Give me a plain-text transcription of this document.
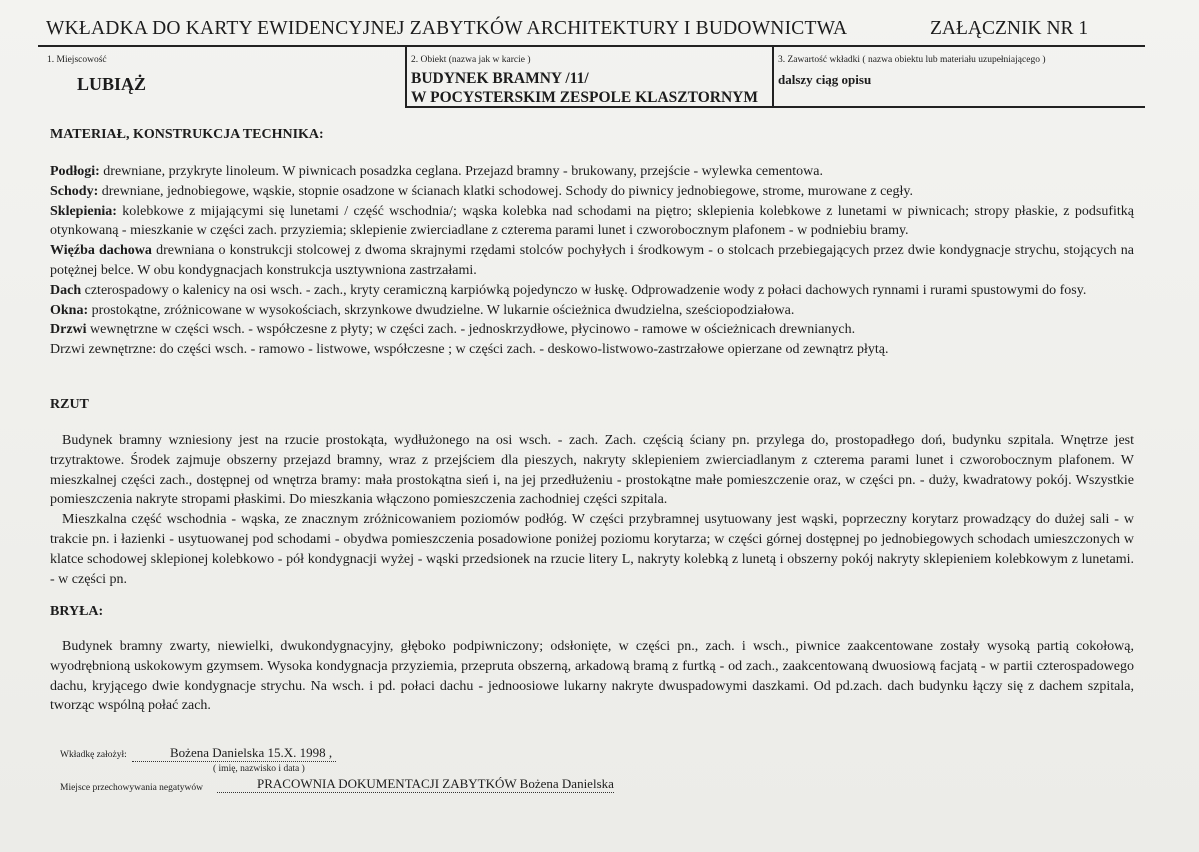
WKŁADKA DO KARTY EWIDENCYJNEJ ZABYTKÓW ARCHITEKTURY I BUDOWNICTWA	ZAŁĄCZNIK NR 1
1. Miejscowość
LUBIĄŻ
2. Obiekt (nazwa jak w karcie )
BUDYNEK BRAMNY /11/
W POCYSTERSKIM ZESPOLE KLASZTORNYM
3. Zawartość wkładki ( nazwa obiektu lub materiału uzupełniającego )
dalszy ciąg opisu
MATERIAŁ, KONSTRUKCJA TECHNIKA:

Podłogi: drewniane, przykryte linoleum. W piwnicach posadzka ceglana. Przejazd bramny - brukowany, przejście - wylewka cementowa.

Schody: drewniane, jednobiegowe, wąskie, stopnie osadzone w ścianach klatki schodowej. Schody do piwnicy jednobiegowe, strome, murowane z cegły.

Sklepienia: kolebkowe z mijającymi się lunetami / część wschodnia/; wąska kolebka nad schodami na piętro; sklepienia kolebkowe z lunetami w piwnicach; stropy płaskie, z podsufitką otynkowaną - mieszkanie w części zach. przyziemia; sklepienie zwierciadlane z czterema parami lunet i czworobocznym plafonem - w podniebiu bramy.

Więźba dachowa drewniana o konstrukcji stolcowej z dwoma skrajnymi rzędami stolców pochyłych i środkowym - o stolcach przebiegających przez dwie kondygnacje strychu, stojących na potężnej belce. W obu kondygnacjach konstrukcja usztywniona zastrzałami.

Dach czterospadowy o kalenicy na osi wsch. - zach., kryty ceramiczną karpiówką pojedynczo w łuskę. Odprowadzenie wody z połaci dachowych rynnami i rurami spustowymi do fosy.

Okna: prostokątne, zróżnicowane w wysokościach, skrzynkowe dwudzielne. W lukarnie ościeżnica dwudzielna, sześciopodziałowa.

Drzwi wewnętrzne w części wsch. - współczesne z płyty; w części zach. - jednoskrzydłowe, płycinowo - ramowe w ościeżnicach drewnianych.

Drzwi zewnętrzne: do części wsch. - ramowo - listwowe, współczesne ; w części zach. - deskowo-listwowo-zastrzałowe opierzane od zewnątrz płytą.

RZUT

Budynek bramny wzniesiony jest na rzucie prostokąta, wydłużonego na osi wsch. - zach. Zach. częścią ściany pn. przylega do, prostopadłego doń, budynku szpitala. Wnętrze jest trzytraktowe. Środek zajmuje obszerny przejazd bramny, wraz z przejściem dla pieszych, nakryty sklepieniem zwierciadlanym z czterema parami lunet i czworobocznym plafonem. W mieszkalnej części zach., dostępnej od wnętrza bramy: mała prostokątna sień i, na jej przedłużeniu - prostokątne małe pomieszczenie oraz, w części pn. - duży, kwadratowy pokój. Wszystkie pomieszczenia nakryte stropami płaskimi. Do mieszkania włączono pomieszczenia zachodniej części szpitala.

Mieszkalna część wschodnia - wąska, ze znacznym zróżnicowaniem poziomów podłóg. W części przybramnej usytuowany jest wąski, poprzeczny korytarz prowadzący do dużej sali - w trakcie pn. i łazienki - usytuowanej pod schodami - obydwa pomieszczenia posadowione poniżej poziomu korytarza; w części górnej dostępnej po jednobiegowych schodach umieszczonych w klatce schodowej sklepionej kolebkowo - pół kondygnacji wyżej - wąski przedsionek na rzucie litery L, nakryty kolebką z lunetą i obszerny pokój nakryty sklepieniem kolebkowym z lunetami. - w części pn.

BRYŁA:

Budynek bramny zwarty, niewielki, dwukondygnacyjny, głęboko podpiwniczony; odsłonięte, w części pn., zach. i wsch., piwnice zaakcentowane zostały wysoką partią cokołową, wyodrębnioną uskokowym gzymsem. Wysoka kondygnacja przyziemia, przepruta obszerną, arkadową bramą z furtką - od zach., zaakcentowaną dwuosiową facjatą - w partii czterospadowego dachu, kryjącego dwie kondygnacje strychu. Na wsch. i pd. połaci dachu - jednoosiowe lukarny nakryte dwuspadowymi daszkami. Od pd.zach. dach budynku łączy się z dachem szpitala, tworząc wspólną połać zach.

Wkładkę założył:	Bożena Danielska 15.X. 1998 ,
( imię, nazwisko i data )
Miejsce przechowywania negatywów	PRACOWNIA DOKUMENTACJI ZABYTKÓW Bożena Danielska
